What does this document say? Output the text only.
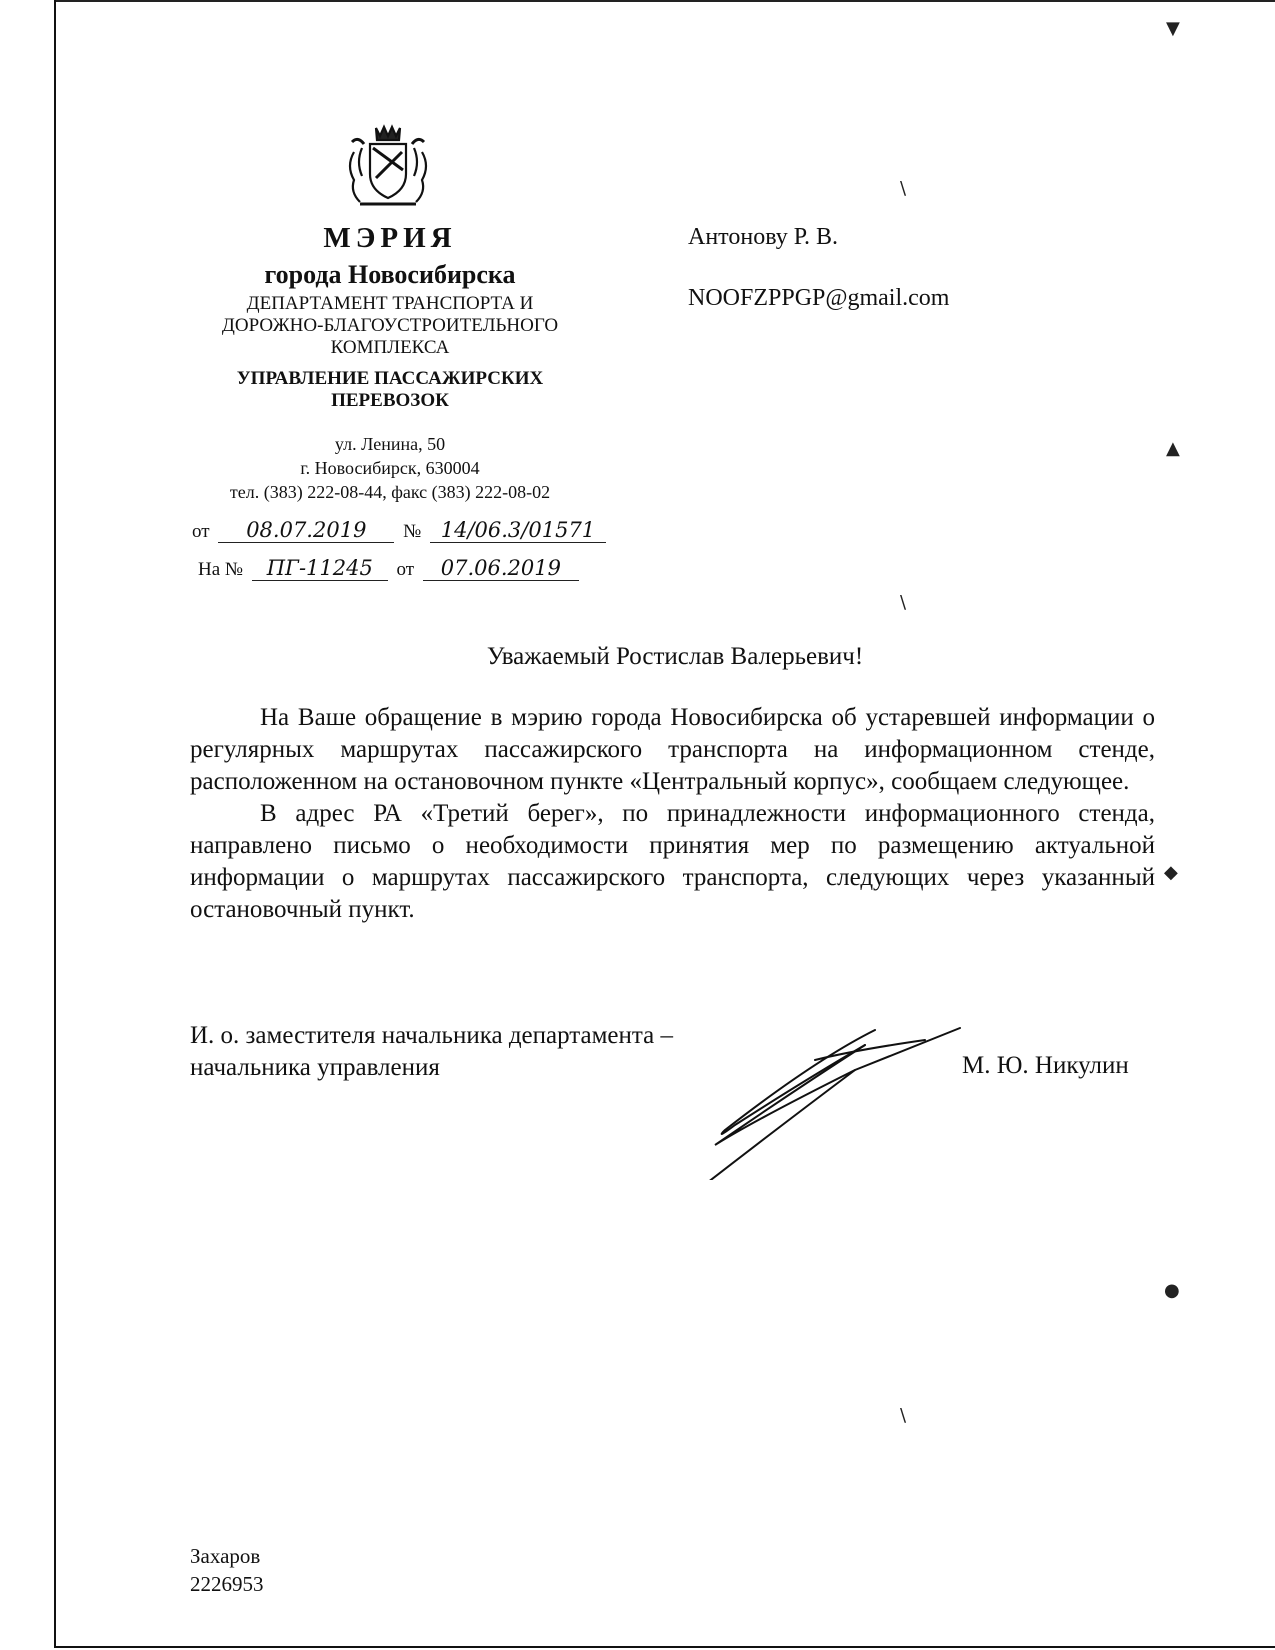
МЭРИЯ
города Новосибирска
ДЕПАРТАМЕНТ ТРАНСПОРТА И
ДОРОЖНО-БЛАГОУСТРОИТЕЛЬНОГО
КОМПЛЕКСА
УПРАВЛЕНИЕ ПАССАЖИРСКИХ
ПЕРЕВОЗОК
ул. Ленина, 50
г. Новосибирск, 630004
тел. (383) 222-08-44, факс (383) 222-08-02
от 08.07.2019 № 14/06.3/01571
На № ПГ-11245 от 07.06.2019
Антонову Р. В.
NOOFZPPGP@gmail.com
Уважаемый Ростислав Валерьевич!

На Ваше обращение в мэрию города Новосибирска об устаревшей информации о регулярных маршрутах пассажирского транспорта на информационном стенде, расположенном на остановочном пункте «Центральный корпус», сообщаем следующее.

В адрес РА «Третий берег», по принадлежности информационного стенда, направлено письмо о необходимости принятия мер по размещению актуальной информации о маршрутах пассажирского транспорта, следующих через указанный остановочный пункт.

И. о. заместителя начальника департамента –
начальника управления	М. Ю. Никулин
Захаров
2226953
\
\
\
▼
▲
◆
●
